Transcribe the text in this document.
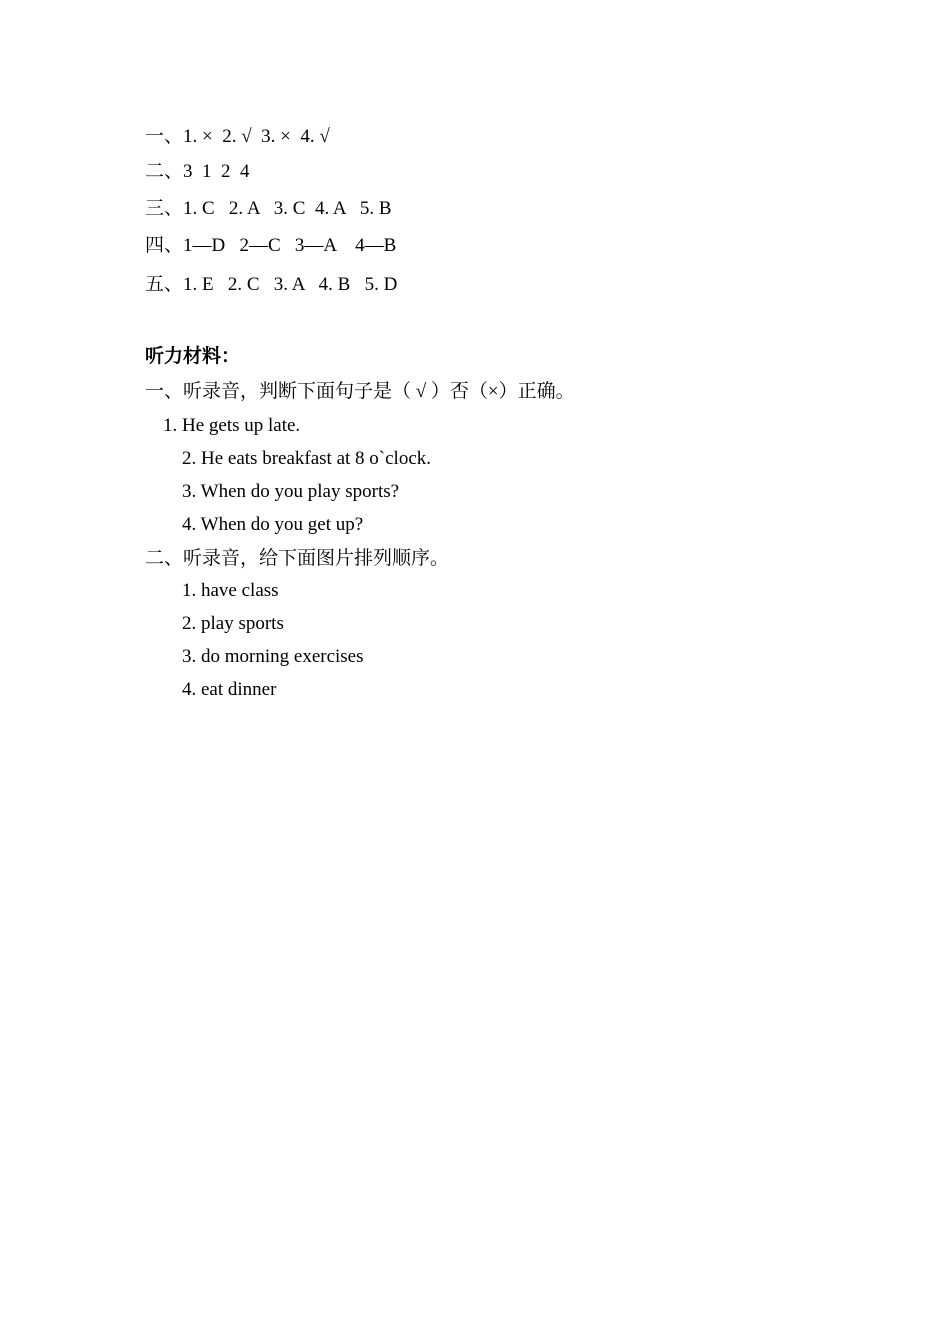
一、1. ×  2. √  3. ×  4. √
二、3  1  2  4
三、1. C   2. A   3. C  4. A   5. B
四、1—D   2—C   3—A    4—B
五、1. E   2. C   3. A   4. B   5. D
听力材料：
一、听录音，判断下面句子是（ √ ）否（×）正确。
1. He gets up late.
2. He eats breakfast at 8 o`clock.
3. When do you play sports?
4. When do you get up?
二、听录音，给下面图片排列顺序。
1. have class
2. play sports
3. do morning exercises
4. eat dinner
